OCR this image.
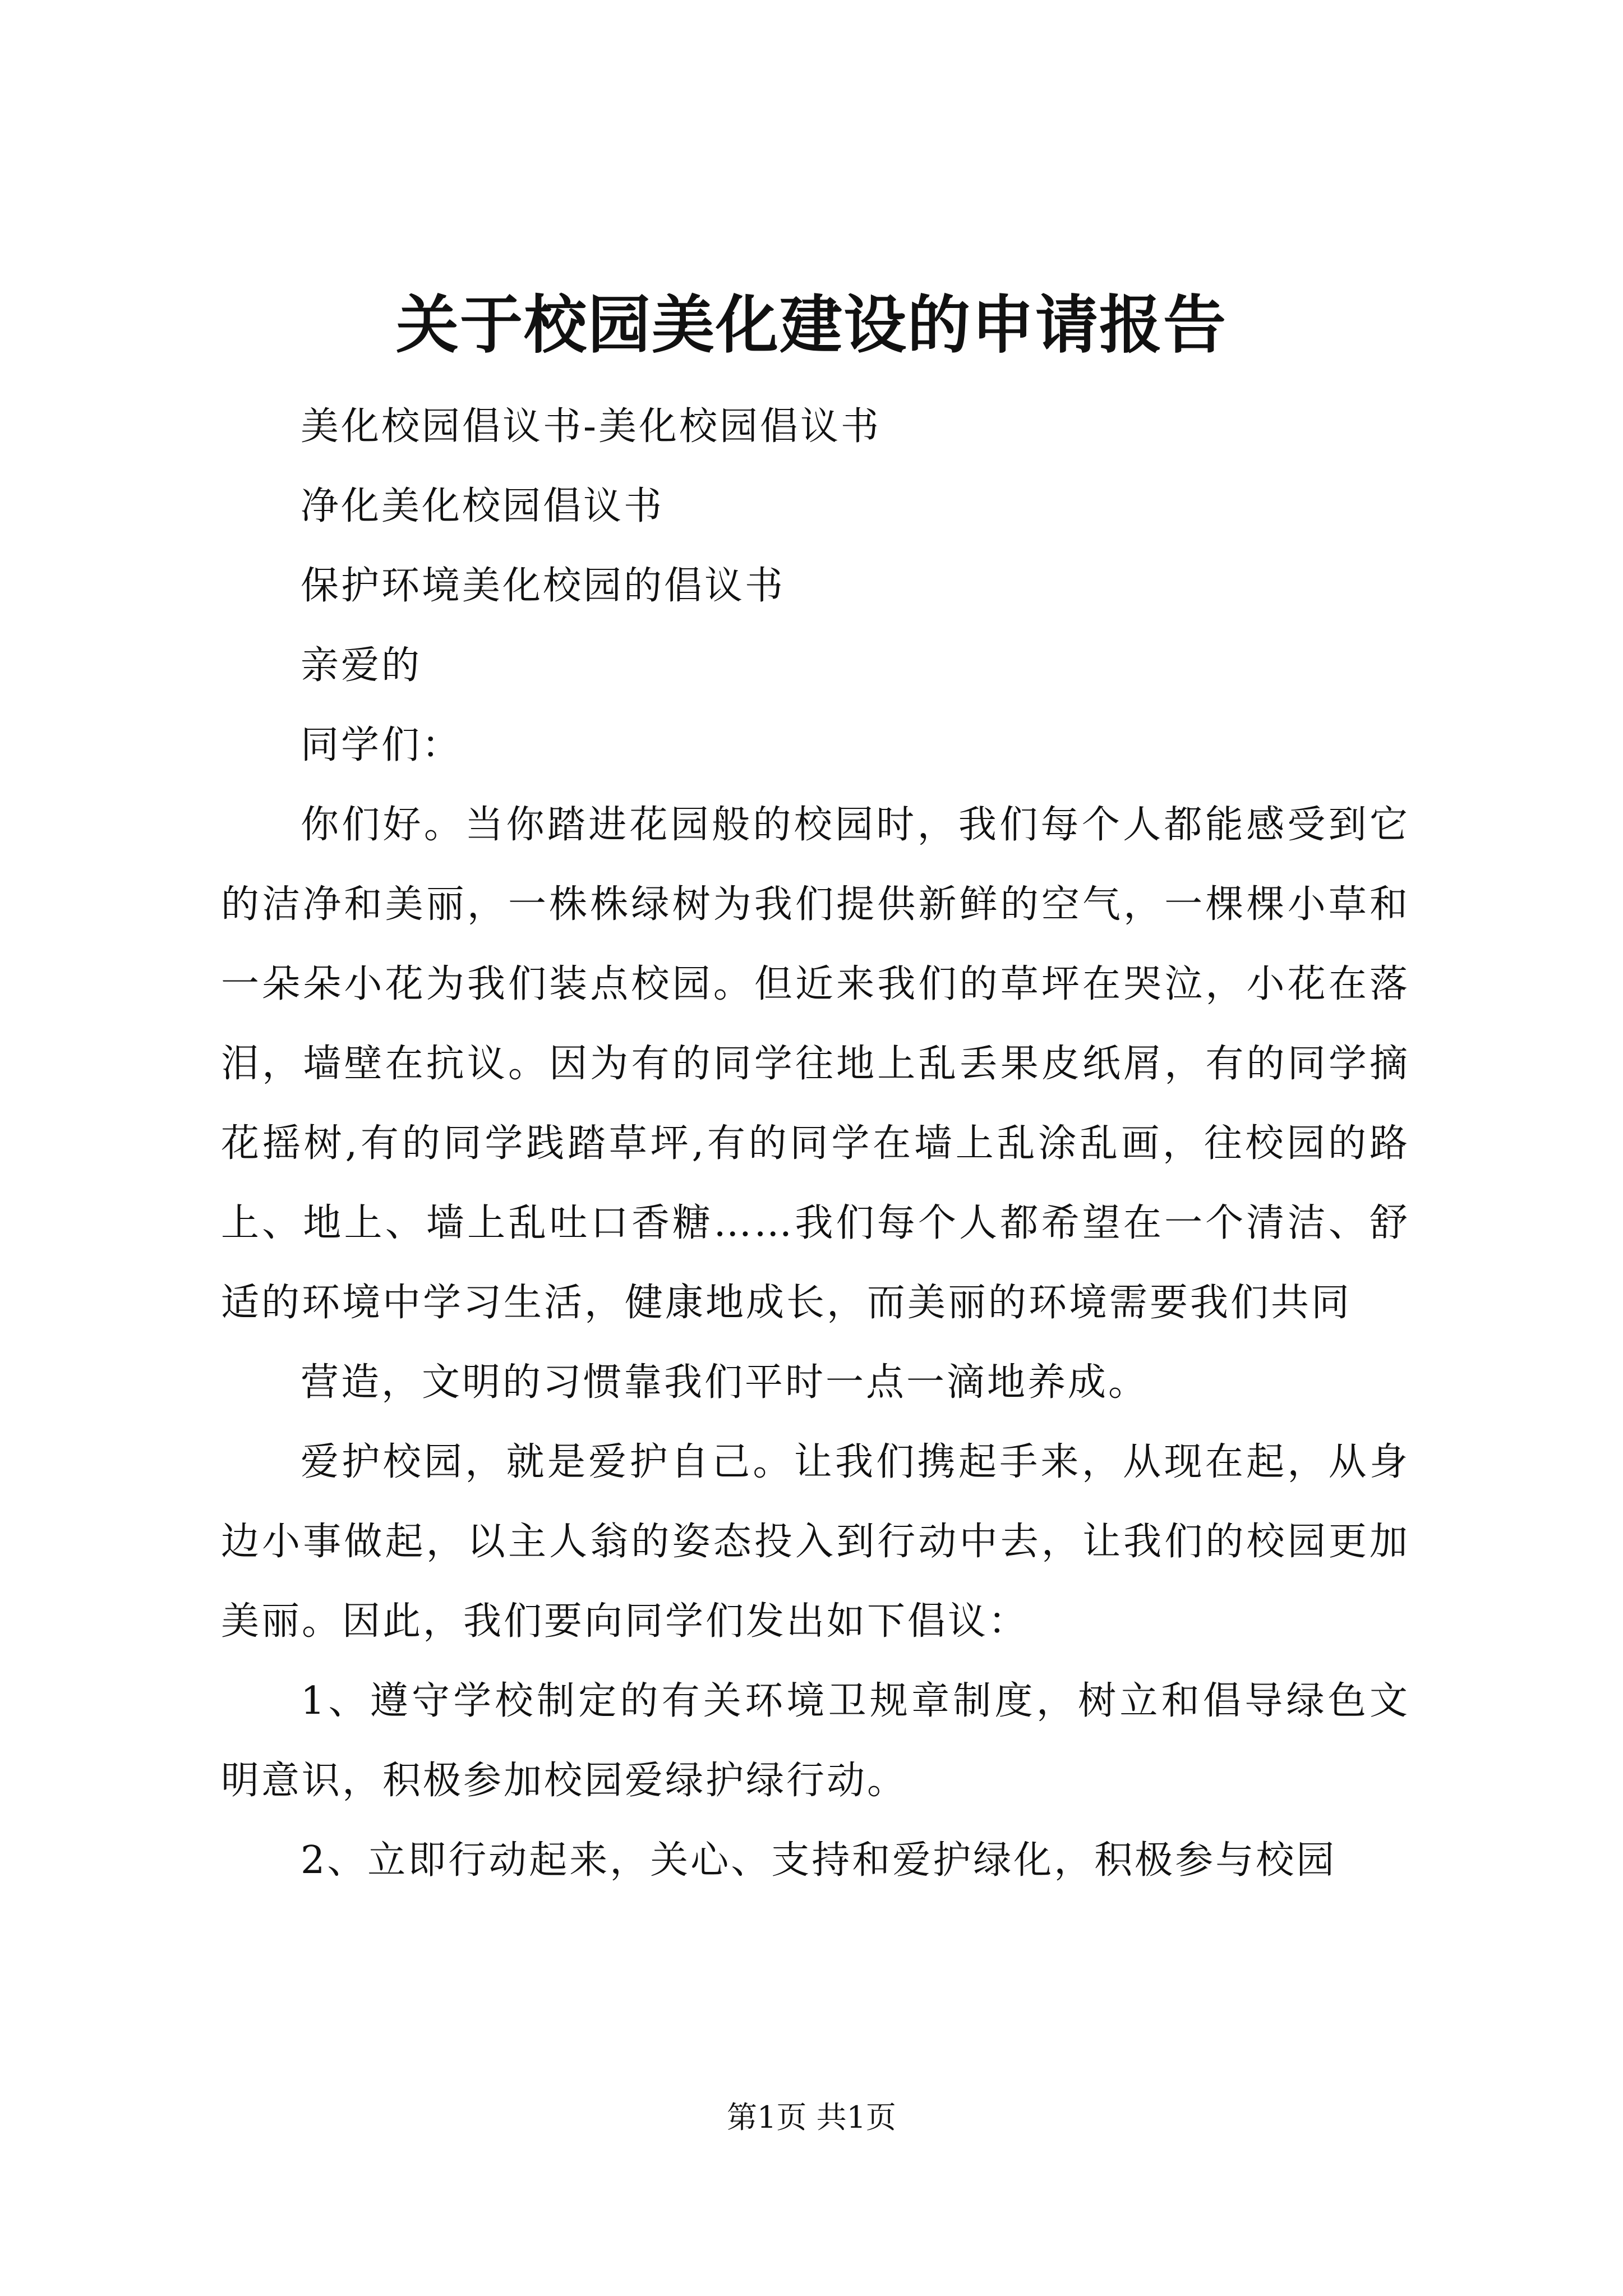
关于校园美化建设的申请报告

美化校园倡议书-美化校园倡议书

净化美化校园倡议书

保护环境美化校园的倡议书

亲爱的

同学们：

你们好。当你踏进花园般的校园时，我们每个人都能感受到它的洁净和美丽，一株株绿树为我们提供新鲜的空气，一棵棵小草和一朵朵小花为我们装点校园。但近来我们的草坪在哭泣，小花在落泪，墙壁在抗议。因为有的同学往地上乱丢果皮纸屑，有的同学摘花摇树,有的同学践踏草坪,有的同学在墙上乱涂乱画，往校园的路上、地上、墙上乱吐口香糖……我们每个人都希望在一个清洁、舒适的环境中学习生活，健康地成长，而美丽的环境需要我们共同

营造，文明的习惯靠我们平时一点一滴地养成。

爱护校园，就是爱护自己。让我们携起手来，从现在起，从身边小事做起，以主人翁的姿态投入到行动中去，让我们的校园更加美丽。因此，我们要向同学们发出如下倡议：

1、遵守学校制定的有关环境卫规章制度，树立和倡导绿色文明意识，积极参加校园爱绿护绿行动。

2、立即行动起来，关心、支持和爱护绿化，积极参与校园

第1页 共1页
